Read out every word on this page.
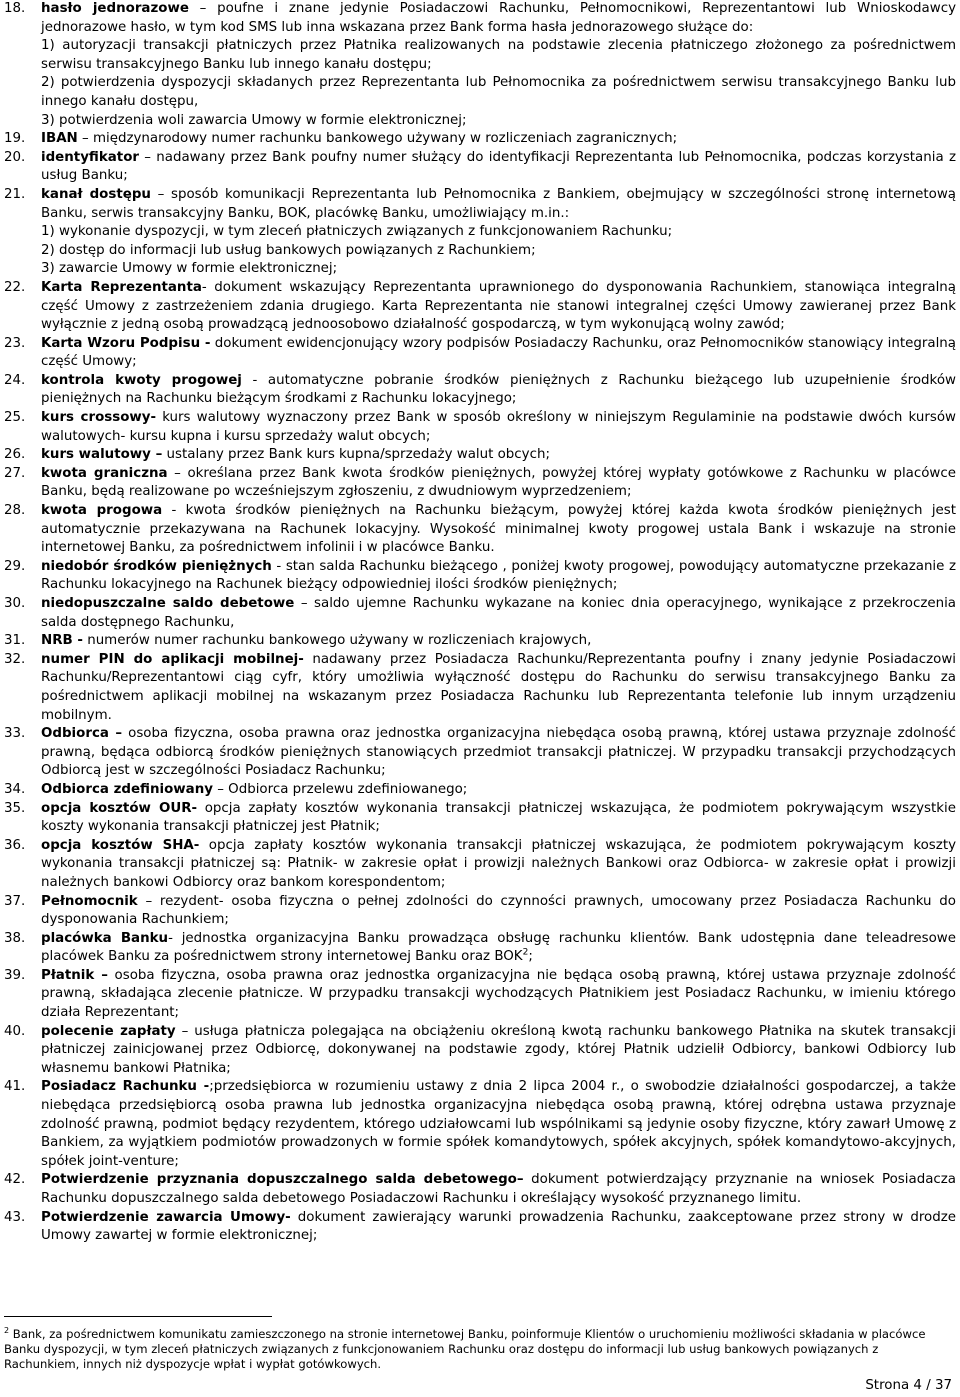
18.	hasło jednorazowe – poufne i znane jedynie Posiadaczowi Rachunku, Pełnomocnikowi, Reprezentantowi lub Wnioskodawcy jednorazowe hasło, w tym kod SMS lub inna wskazana przez Bank forma hasła jednorazowego służące do:
1) autoryzacji transakcji płatniczych przez Płatnika realizowanych na podstawie zlecenia płatniczego złożonego za pośrednictwem serwisu transakcyjnego Banku lub innego kanału dostępu;
2) potwierdzenia dyspozycji składanych przez Reprezentanta lub Pełnomocnika za pośrednictwem serwisu transakcyjnego Banku lub innego kanału dostępu,
3) potwierdzenia woli zawarcia Umowy w formie elektronicznej;
19.	IBAN – międzynarodowy numer rachunku bankowego używany w rozliczeniach zagranicznych;
20.	identyfikator – nadawany przez Bank poufny numer służący do identyfikacji Reprezentanta lub Pełnomocnika, podczas korzystania z usług Banku;
21.	kanał dostępu – sposób komunikacji Reprezentanta lub Pełnomocnika z Bankiem, obejmujący w szczególności stronę internetową Banku, serwis transakcyjny Banku, BOK, placówkę Banku, umożliwiający m.in.:
1) wykonanie dyspozycji, w tym zleceń płatniczych związanych z funkcjonowaniem Rachunku;
2) dostęp do informacji lub usług bankowych powiązanych z Rachunkiem;
3) zawarcie Umowy w formie elektronicznej;
22.	Karta Reprezentanta- dokument wskazujący Reprezentanta uprawnionego do dysponowania Rachunkiem, stanowiąca integralną część Umowy z zastrzeżeniem zdania drugiego. Karta Reprezentanta nie stanowi integralnej części Umowy zawieranej przez Bank wyłącznie z jedną osobą prowadzącą jednoosobowo działalność gospodarczą, w tym wykonującą wolny zawód;
23.	Karta Wzoru Podpisu - dokument ewidencjonujący wzory podpisów Posiadaczy Rachunku, oraz Pełnomocników stanowiący integralną część Umowy;
24.	kontrola kwoty progowej - automatyczne pobranie środków pieniężnych z Rachunku bieżącego lub uzupełnienie środków pieniężnych na Rachunku bieżącym środkami z Rachunku lokacyjnego;
25.	kurs crossowy- kurs walutowy wyznaczony przez Bank w sposób określony w niniejszym Regulaminie na podstawie dwóch kursów walutowych- kursu kupna i kursu sprzedaży walut obcych;
26.	kurs walutowy – ustalany przez Bank kurs kupna/sprzedaży walut obcych;
27.	kwota graniczna – określana przez Bank kwota środków pieniężnych, powyżej której wypłaty gotówkowe z Rachunku w placówce Banku, będą realizowane po wcześniejszym zgłoszeniu, z dwudniowym wyprzedzeniem;
28.	kwota progowa - kwota środków pieniężnych na Rachunku bieżącym, powyżej której każda kwota środków pieniężnych jest automatycznie przekazywana na Rachunek lokacyjny. Wysokość minimalnej kwoty progowej ustala Bank i wskazuje na stronie internetowej Banku, za pośrednictwem infolinii i w placówce Banku.
29.	niedobór środków pieniężnych - stan salda Rachunku bieżącego , poniżej kwoty progowej, powodujący automatyczne przekazanie z Rachunku lokacyjnego na Rachunek bieżący odpowiedniej ilości środków pieniężnych;
30.	niedopuszczalne saldo debetowe – saldo ujemne Rachunku wykazane na koniec dnia operacyjnego, wynikające z przekroczenia salda dostępnego Rachunku,
31.	NRB - numerów numer rachunku bankowego używany w rozliczeniach krajowych,
32.	numer PIN do aplikacji mobilnej- nadawany przez Posiadacza Rachunku/Reprezentanta poufny i znany jedynie Posiadaczowi Rachunku/Reprezentantowi ciąg cyfr, który umożliwia wyłączność dostępu do Rachunku do serwisu transakcyjnego Banku za pośrednictwem aplikacji mobilnej na wskazanym przez Posiadacza Rachunku lub Reprezentanta telefonie lub innym urządzeniu mobilnym.
33.	Odbiorca – osoba fizyczna, osoba prawna oraz jednostka organizacyjna niebędąca osobą prawną, której ustawa przyznaje zdolność prawną, będąca odbiorcą środków pieniężnych stanowiących przedmiot transakcji płatniczej. W przypadku transakcji przychodzących Odbiorcą jest w szczególności Posiadacz Rachunku;
34.	Odbiorca zdefiniowany – Odbiorca przelewu zdefiniowanego;
35.	opcja kosztów OUR- opcja zapłaty kosztów wykonania transakcji płatniczej wskazująca, że podmiotem pokrywającym wszystkie koszty wykonania transakcji płatniczej jest Płatnik;
36.	opcja kosztów SHA- opcja zapłaty kosztów wykonania transakcji płatniczej wskazująca, że podmiotem pokrywającym koszty wykonania transakcji płatniczej są: Płatnik- w zakresie opłat i prowizji należnych Bankowi oraz Odbiorca- w zakresie opłat i prowizji należnych bankowi Odbiorcy oraz bankom korespondentom;
37.	Pełnomocnik – rezydent- osoba fizyczna o pełnej zdolności do czynności prawnych, umocowany przez Posiadacza Rachunku do dysponowania Rachunkiem;
38.	placówka Banku- jednostka organizacyjna Banku prowadząca obsługę rachunku klientów. Bank udostępnia dane teleadresowe placówek Banku za pośrednictwem strony internetowej Banku oraz BOK$^2$;
39.	Płatnik – osoba fizyczna, osoba prawna oraz jednostka organizacyjna nie będąca osobą prawną, której ustawa przyznaje zdolność prawną, składająca zlecenie płatnicze. W przypadku transakcji wychodzących Płatnikiem jest Posiadacz Rachunku, w imieniu którego działa Reprezentant;
40.	polecenie zapłaty – usługa płatnicza polegająca na obciążeniu określoną kwotą rachunku bankowego Płatnika na skutek transakcji płatniczej zainicjowanej przez Odbiorcę, dokonywanej na podstawie zgody, której Płatnik udzielił Odbiorcy, bankowi Odbiorcy lub własnemu bankowi Płatnika;
41.	Posiadacz Rachunku -;przedsiębiorca w rozumieniu ustawy z dnia 2 lipca 2004 r., o swobodzie działalności gospodarczej, a także niebędąca przedsiębiorcą osoba prawna lub jednostka organizacyjna niebędąca osobą prawną, której odrębna ustawa przyznaje zdolność prawną, podmiot będący rezydentem, którego udziałowcami lub wspólnikami są jedynie osoby fizyczne, który zawarł Umowę z Bankiem, za wyjątkiem podmiotów prowadzonych w formie spółek komandytowych, spółek akcyjnych, spółek komandytowo-akcyjnych, spółek joint-venture;
42.	Potwierdzenie przyznania dopuszczalnego salda debetowego– dokument potwierdzający przyznanie na wniosek Posiadacza Rachunku dopuszczalnego salda debetowego Posiadaczowi Rachunku i określający wysokość przyznanego limitu.
43.	Potwierdzenie zawarcia Umowy- dokument zawierający warunki prowadzenia Rachunku, zaakceptowane przez strony w drodze Umowy zawartej w formie elektronicznej;
$^2$ Bank, za pośrednictwem komunikatu zamieszczonego na stronie internetowej Banku, poinformuje Klientów o uruchomieniu możliwości składania w placówce Banku dyspozycji, w tym zleceń płatniczych związanych z funkcjonowaniem Rachunku oraz dostępu do informacji lub usług bankowych powiązanych z Rachunkiem, innych niż dyspozycje wpłat i wypłat gotówkowych.
Strona 4 / 37
